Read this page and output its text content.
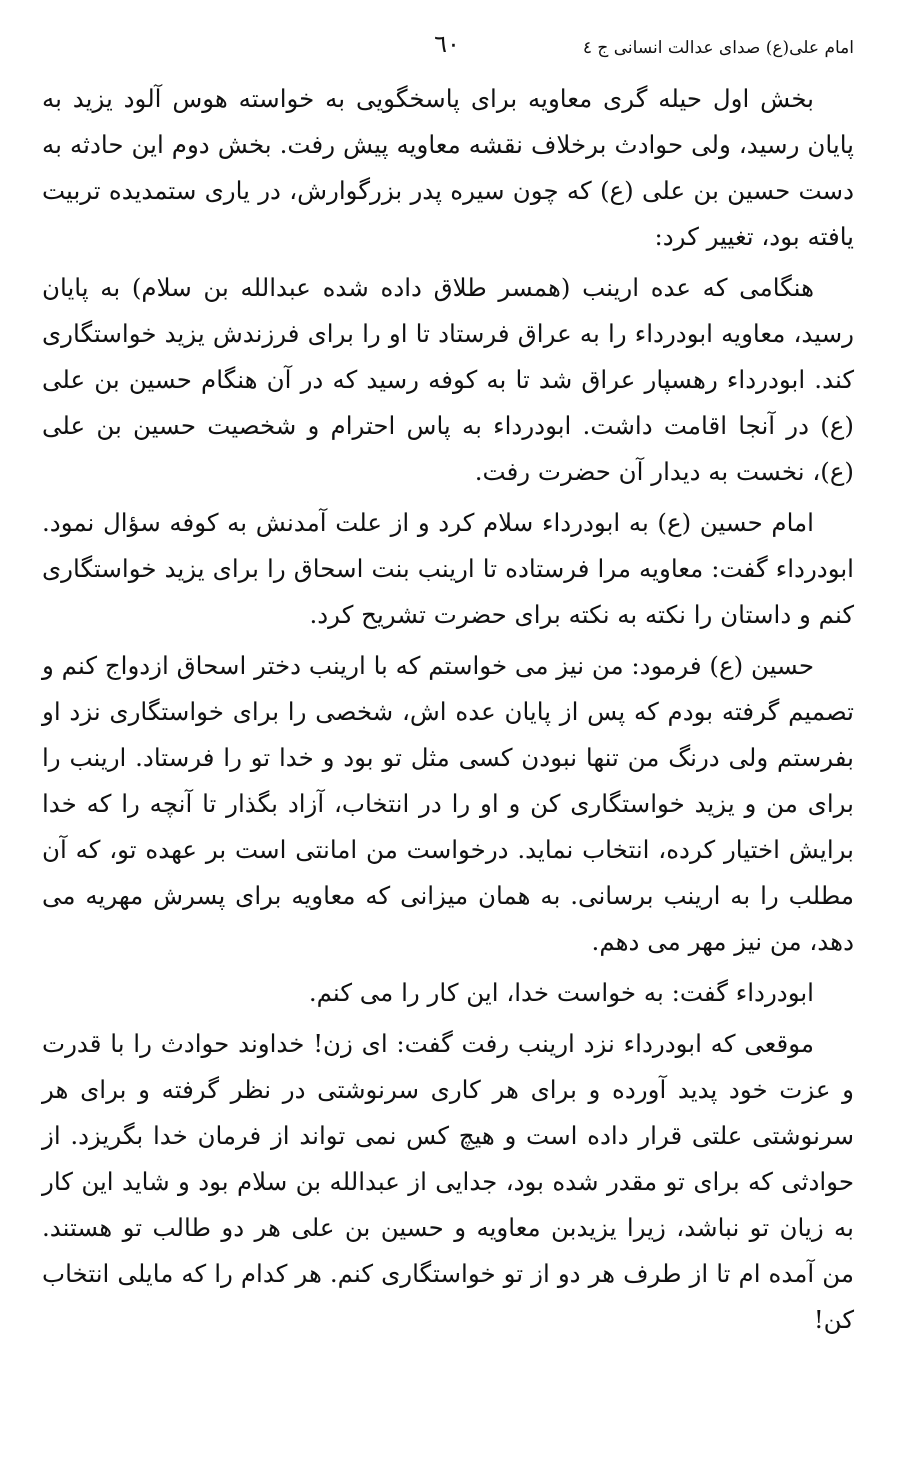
امام علی(ع) صدای عدالت انسانی ج ٤
٦٠

بخش اول حیله گری معاویه برای پاسخگویی به خواسته هوس آلود یزید به پایان رسید، ولی حوادث برخلاف نقشه معاویه پیش رفت. بخش دوم این حادثه به دست حسین بن علی (ع) که چون سیره پدر بزرگوارش، در یاری ستمدیده تربیت یافته بود، تغییر کرد:

هنگامی که عده ارینب (همسر طلاق داده شده عبدالله بن سلام) به پایان رسید، معاویه ابودرداء را به عراق فرستاد تا او را برای فرزندش یزید خواستگاری کند. ابودرداء رهسپار عراق شد تا به کوفه رسید که در آن هنگام حسین بن علی (ع) در آنجا اقامت داشت. ابودرداء به پاس احترام و شخصیت حسین بن علی (ع)، نخست به دیدار آن حضرت رفت.

امام حسین (ع) به ابودرداء سلام کرد و از علت آمدنش به کوفه سؤال نمود. ابودرداء گفت: معاویه مرا فرستاده تا ارینب بنت اسحاق را برای یزید خواستگاری کنم و داستان را نکته به نکته برای حضرت تشریح کرد.

حسین (ع) فرمود: من نیز می خواستم که با ارینب دختر اسحاق ازدواج کنم و تصمیم گرفته بودم که پس از پایان عده اش، شخصی را برای خواستگاری نزد او بفرستم ولی درنگ من تنها نبودن کسی مثل تو بود و خدا تو را فرستاد. ارینب را برای من و یزید خواستگاری کن و او را در انتخاب، آزاد بگذار تا آنچه را که خدا برایش اختیار کرده، انتخاب نماید. درخواست من امانتی است بر عهده تو، که آن مطلب را به ارینب برسانی. به همان میزانی که معاویه برای پسرش مهریه می دهد، من نیز مهر می دهم.

ابودرداء گفت: به خواست خدا، این کار را می کنم.

موقعی که ابودرداء نزد ارینب رفت گفت: ای زن! خداوند حوادث را با قدرت و عزت خود پدید آورده و برای هر کاری سرنوشتی در نظر گرفته و برای هر سرنوشتی علتی قرار داده است و هیچ کس نمی تواند از فرمان خدا بگریزد. از حوادثی که برای تو مقدر شده بود، جدایی از عبدالله بن سلام بود و شاید این کار به زیان تو نباشد، زیرا یزیدبن معاویه و حسین بن علی هر دو طالب تو هستند. من آمده ام تا از طرف هر دو از تو خواستگاری کنم. هر کدام را که مایلی انتخاب کن!
